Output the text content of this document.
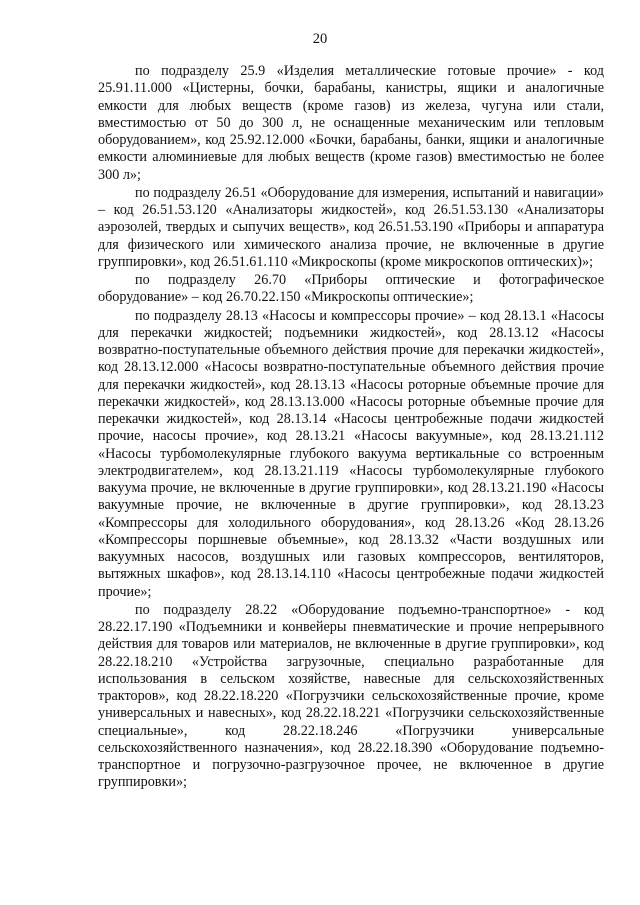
20

по подразделу 25.9 «Изделия металлические готовые прочие» - код 25.91.11.000 «Цистерны, бочки, барабаны, канистры, ящики и аналогичные емкости для любых веществ (кроме газов) из железа, чугуна или стали, вместимостью от 50 до 300 л, не оснащенные механическим или тепловым оборудованием», код 25.92.12.000 «Бочки, барабаны, банки, ящики и аналогичные емкости алюминиевые для любых веществ (кроме газов) вместимостью не более 300 л»;

по подразделу 26.51 «Оборудование для измерения, испытаний и навигации» – код 26.51.53.120 «Анализаторы жидкостей», код 26.51.53.130 «Анализаторы аэрозолей, твердых и сыпучих веществ», код 26.51.53.190 «Приборы и аппаратура для физического или химического анализа прочие, не включенные в другие группировки», код 26.51.61.110 «Микроскопы (кроме микроскопов оптических)»;

по подразделу 26.70 «Приборы оптические и фотографическое оборудование» – код 26.70.22.150 «Микроскопы оптические»;

по подразделу 28.13 «Насосы и компрессоры прочие» – код 28.13.1 «Насосы для перекачки жидкостей; подъемники жидкостей», код 28.13.12 «Насосы возвратно-поступательные объемного действия прочие для перекачки жидкостей», код 28.13.12.000 «Насосы возвратно-поступательные объемного действия прочие для перекачки жидкостей», код 28.13.13 «Насосы роторные объемные прочие для перекачки жидкостей», код 28.13.13.000 «Насосы роторные объемные прочие для перекачки жидкостей», код 28.13.14 «Насосы центробежные подачи жидкостей прочие, насосы прочие», код 28.13.21 «Насосы вакуумные», код 28.13.21.112 «Насосы турбомолекулярные глубокого вакуума вертикальные со встроенным электродвигателем», код 28.13.21.119 «Насосы турбомолекулярные глубокого вакуума прочие, не включенные в другие группировки», код 28.13.21.190 «Насосы вакуумные прочие, не включенные в другие группировки», код 28.13.23 «Компрессоры для холодильного оборудования», код 28.13.26 «Код 28.13.26 «Компрессоры поршневые объемные», код 28.13.32 «Части воздушных или вакуумных насосов, воздушных или газовых компрессоров, вентиляторов, вытяжных шкафов», код 28.13.14.110 «Насосы центробежные подачи жидкостей прочие»;

по подразделу 28.22 «Оборудование подъемно-транспортное» - код 28.22.17.190 «Подъемники и конвейеры пневматические и прочие непрерывного действия для товаров или материалов, не включенные в другие группировки», код 28.22.18.210 «Устройства загрузочные, специально разработанные для использования в сельском хозяйстве, навесные для сельскохозяйственных тракторов», код 28.22.18.220 «Погрузчики сельскохозяйственные прочие, кроме универсальных и навесных», код 28.22.18.221 «Погрузчики сельскохозяйственные специальные», код 28.22.18.246 «Погрузчики универсальные сельскохозяйственного назначения», код 28.22.18.390 «Оборудование подъемно-транспортное и погрузочно-разгрузочное прочее, не включенное в другие группировки»;
